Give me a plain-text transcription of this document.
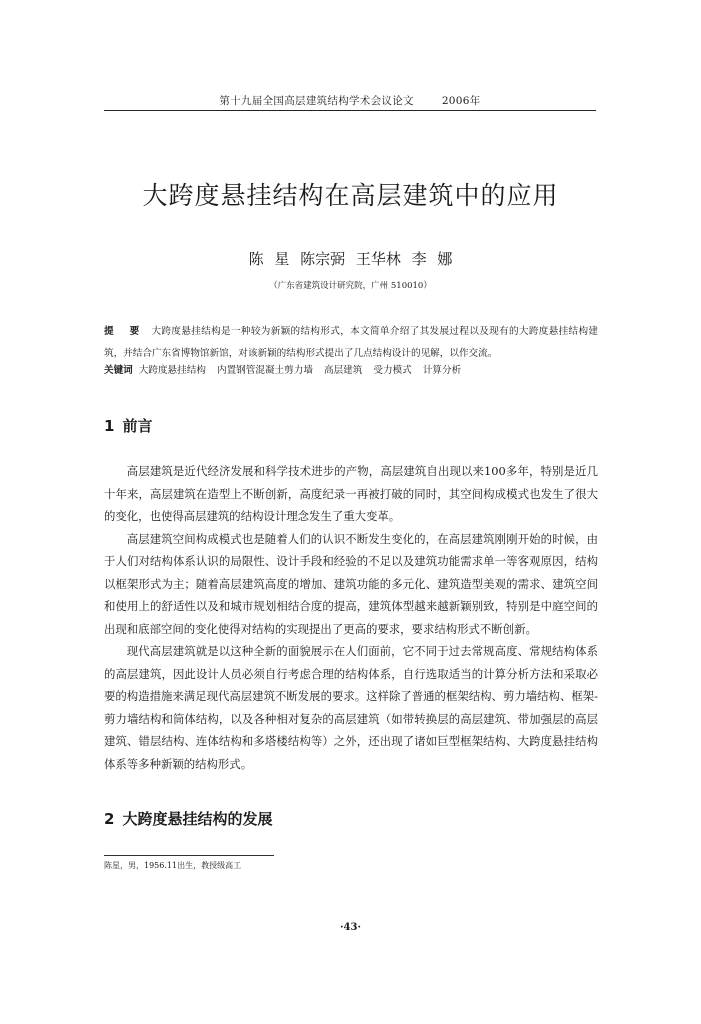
第十九届全国高层建筑结构学术会议论文	2006年
大跨度悬挂结构在高层建筑中的应用
陈 星 陈宗弼 王华林 李 娜
（广东省建筑设计研究院，广州 510010）
提 要 大跨度悬挂结构是一种较为新颖的结构形式，本文简单介绍了其发展过程以及现有的大跨度悬挂结构建筑，并结合广东省博物馆新馆，对该新颖的结构形式提出了几点结构设计的见解，以作交流。
关键词 大跨度悬挂结构 内置钢管混凝土剪力墙 高层建筑 受力模式 计算分析
1 前言

高层建筑是近代经济发展和科学技术进步的产物，高层建筑自出现以来100多年，特别是近几十年来，高层建筑在造型上不断创新，高度纪录一再被打破的同时，其空间构成模式也发生了很大的变化，也使得高层建筑的结构设计理念发生了重大变革。

高层建筑空间构成模式也是随着人们的认识不断发生变化的，在高层建筑刚刚开始的时候，由于人们对结构体系认识的局限性、设计手段和经验的不足以及建筑功能需求单一等客观原因，结构以框架形式为主；随着高层建筑高度的增加、建筑功能的多元化、建筑造型美观的需求、建筑空间和使用上的舒适性以及和城市规划相结合度的提高，建筑体型越来越新颖别致，特别是中庭空间的出现和底部空间的变化使得对结构的实现提出了更高的要求，要求结构形式不断创新。

现代高层建筑就是以这种全新的面貌展示在人们面前，它不同于过去常规高度、常规结构体系的高层建筑，因此设计人员必须自行考虑合理的结构体系，自行选取适当的计算分析方法和采取必要的构造措施来满足现代高层建筑不断发展的要求。这样除了普通的框架结构、剪力墙结构、框架-剪力墙结构和筒体结构，以及各种相对复杂的高层建筑（如带转换层的高层建筑、带加强层的高层建筑、错层结构、连体结构和多塔楼结构等）之外，还出现了诸如巨型框架结构、大跨度悬挂结构体系等多种新颖的结构形式。

2 大跨度悬挂结构的发展
陈星，男，1956.11出生，教授级高工
·43·
